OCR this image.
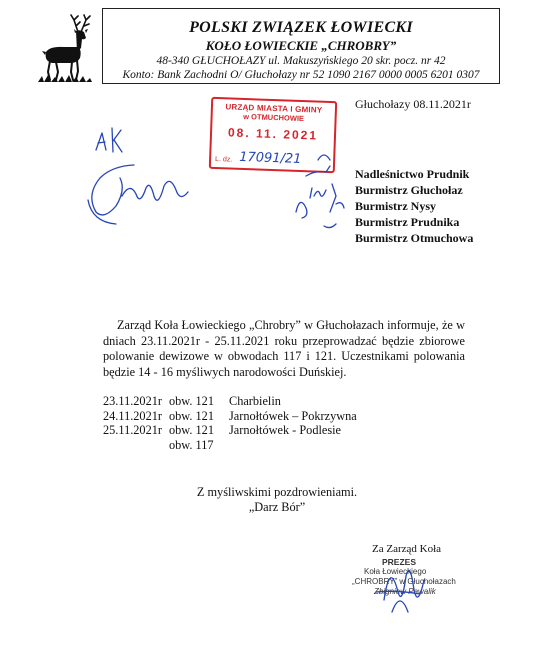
POLSKI ZWIĄZEK ŁOWIECKI
KOŁO ŁOWIECKIE „CHROBRY”
48-340 GŁUCHOŁAZY ul. Makuszyńskiego 20 skr. pocz. nr 42
Konto: Bank Zachodni O/ Głuchołazy nr 52 1090 2167 0000 0005 6201 0307
Głuchołazy 08.11.2021r
URZĄD MIASTA I GMINY
w OTMUCHOWIE
08. 11. 2021
L. dz. 17091/21
Nadleśnictwo Prudnik
Burmistrz Głuchołaz
Burmistrz Nysy
Burmistrz Prudnika
Burmistrz Otmuchowa
Zarząd Koła Łowieckiego „Chrobry” w Głuchołazach informuje, że w dniach 23.11.2021r - 25.11.2021 roku przeprowadzać będzie zbiorowe polowanie dewizowe w obwodach 117 i 121. Uczestnikami polowania będzie 14 - 16 myśliwych narodowości Duńskiej.
23.11.2021r obw. 121	Charbielin
24.11.2021r obw. 121	Jarnołtówek – Pokrzywna
25.11.2021r obw. 121	Jarnołtówek - Podlesie
obw. 117
Z myśliwskimi pozdrowieniami.
„Darz Bór”
Za Zarząd Koła
PREZES
Koła Łowieckiego
„CHROBRY” w Głuchołazach
Zbigniew Pawalik
